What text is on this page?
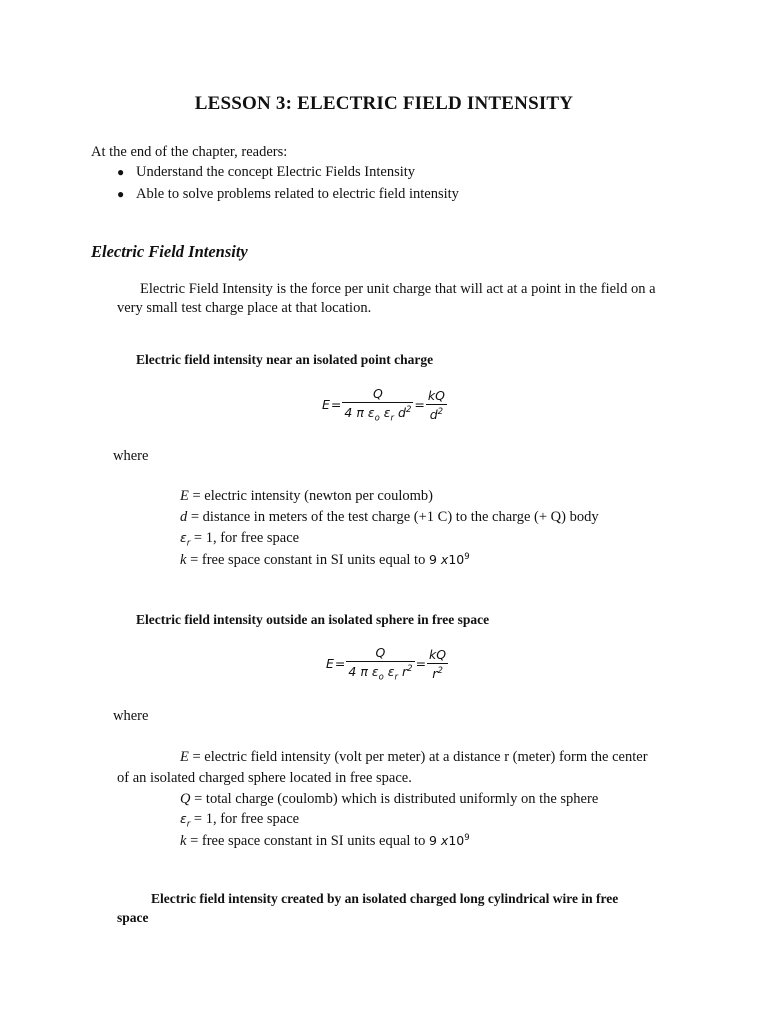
LESSON 3: ELECTRIC FIELD INTENSITY
At the end of the chapter, readers:
● Understand the concept Electric Fields Intensity
● Able to solve problems related to electric field intensity
Electric Field Intensity
Electric Field Intensity is the force per unit charge that will act at a point in the field on a
very small test charge place at that location.
Electric field intensity near an isolated point charge
$E = \frac{Q}{4 \pi \varepsilon_o \varepsilon_r d^2} = \frac{kQ}{d^2}$
where
E = electric intensity (newton per coulomb)
d = distance in meters of the test charge (+1 C) to the charge (+ Q) body
$\varepsilon_r = 1$, for free space
k = free space constant in SI units equal to 9 $x10^9$
Electric field intensity outside an isolated sphere in free space
$E = \frac{Q}{4 \pi \varepsilon_o \varepsilon_r r^2} = \frac{kQ}{r^2}$
where
E = electric field intensity (volt per meter) at a distance r (meter) form the center
of an isolated charged sphere located in free space.
Q = total charge (coulomb) which is distributed uniformly on the sphere
$\varepsilon_r = 1$, for free space
k = free space constant in SI units equal to 9 $x10^9$
Electric field intensity created by an isolated charged long cylindrical wire in free
space
